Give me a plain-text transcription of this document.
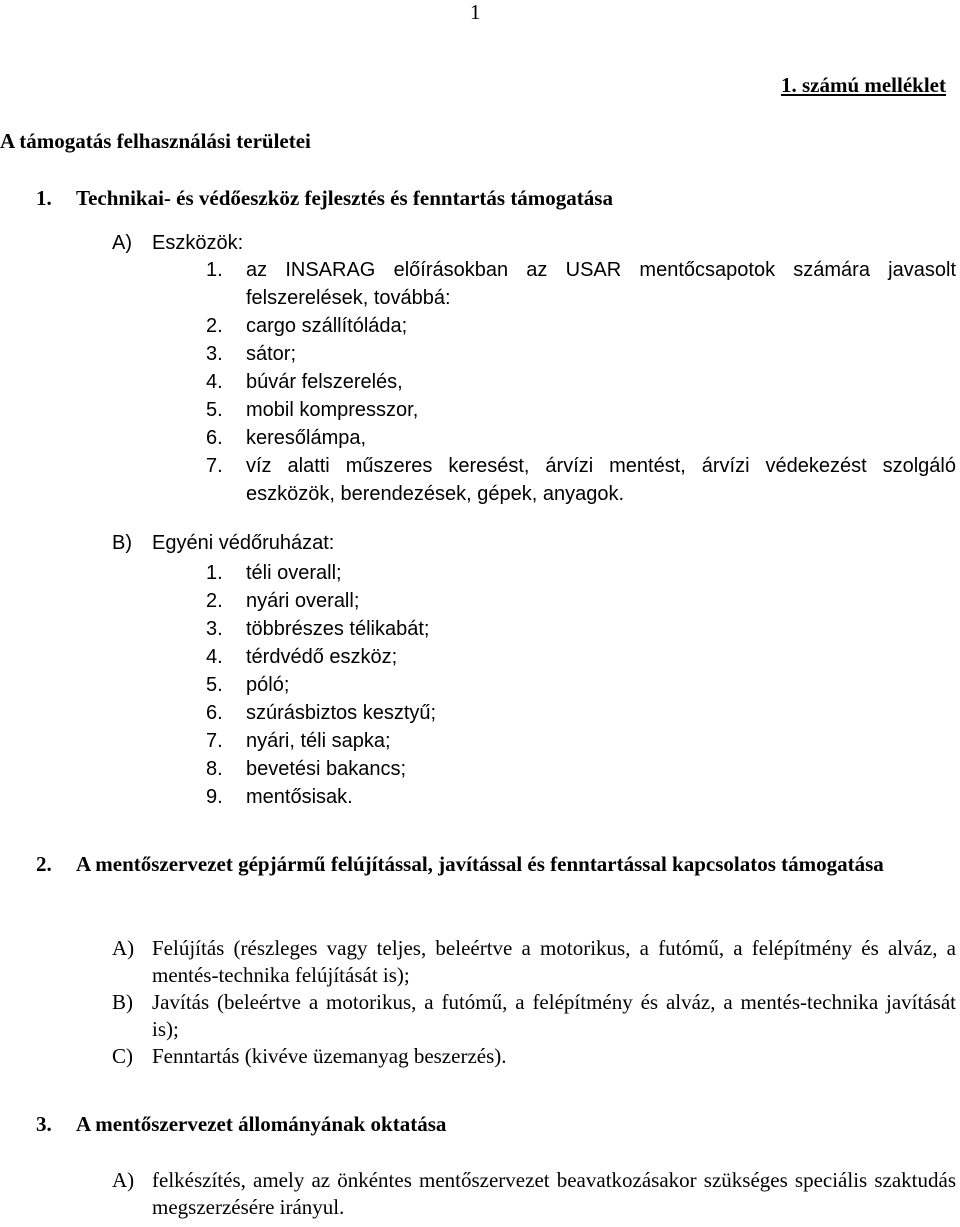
1
1. számú melléklet
A támogatás felhasználási területei
1. Technikai- és védőeszköz fejlesztés és fenntartás támogatása
A) Eszközök:
1. az INSARAG előírásokban az USAR mentőcsapotok számára javasolt felszerelések, továbbá:
2. cargo szállítóláda;
3. sátor;
4. búvár felszerelés,
5. mobil kompresszor,
6. keresőlámpa,
7. víz alatti műszeres keresést, árvízi mentést, árvízi védekezést szolgáló eszközök, berendezések, gépek, anyagok.
B) Egyéni védőruházat:
1. téli overall;
2. nyári overall;
3. többrészes télikabát;
4. térdvédő eszköz;
5. póló;
6. szúrásbiztos kesztyű;
7. nyári, téli sapka;
8. bevetési bakancs;
9. mentősisak.
2. A mentőszervezet gépjármű felújítással, javítással és fenntartással kapcsolatos támogatása
A) Felújítás (részleges vagy teljes, beleértve a motorikus, a futómű, a felépítmény és alváz, a mentés-technika felújítását is);
B) Javítás (beleértve a motorikus, a futómű, a felépítmény és alváz, a mentés-technika javítását is);
C) Fenntartás (kivéve üzemanyag beszerzés).
3. A mentőszervezet állományának oktatása
A) felkészítés, amely az önkéntes mentőszervezet beavatkozásakor szükséges speciális szaktudás megszerzésére irányul.
